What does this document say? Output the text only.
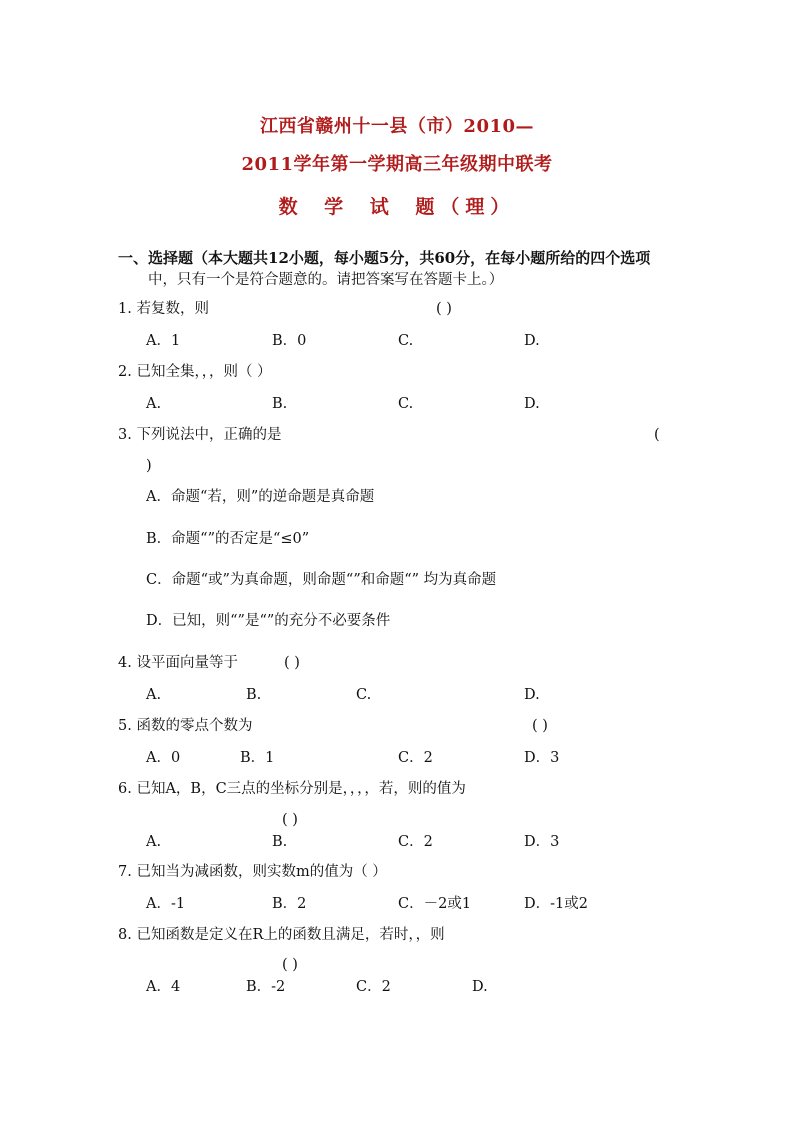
江西省赣州十一县（市）2010—
2011学年第一学期高三年级期中联考
数 学 试 题（理）
一、选择题（本大题共12小题，每小题5分，共60分，在每小题所给的四个选项
中，只有一个是符合题意的。请把答案写在答题卡上。）
1. 若复数，则	( )
A．1	B．0	C.	D.
2. 已知全集，，，则（ ）
A.	B.	C.	D.
3. 下列说法中，正确的是	(
)
A．命题“若，则”的逆命题是真命题
B．命题“”的否定是“≤0”
C．命题“或”为真命题，则命题“”和命题“” 均为真命题
D．已知，则“”是“”的充分不必要条件
4. 设平面向量等于	( )
A.	B.	C.	D.
5. 函数的零点个数为	( )
A．0	B．1	C．2	D．3
6. 已知A，B，C三点的坐标分别是，，，，若，则的值为
( )
A.	B.	C．2	D．3
7. 已知当为减函数，则实数m的值为（ ）
A．-1	B．2	C．－2或1	D．-1或2
8. 已知函数是定义在R上的函数且满足，若时，，则
( )
A．4	B．-2	C．2	D.
